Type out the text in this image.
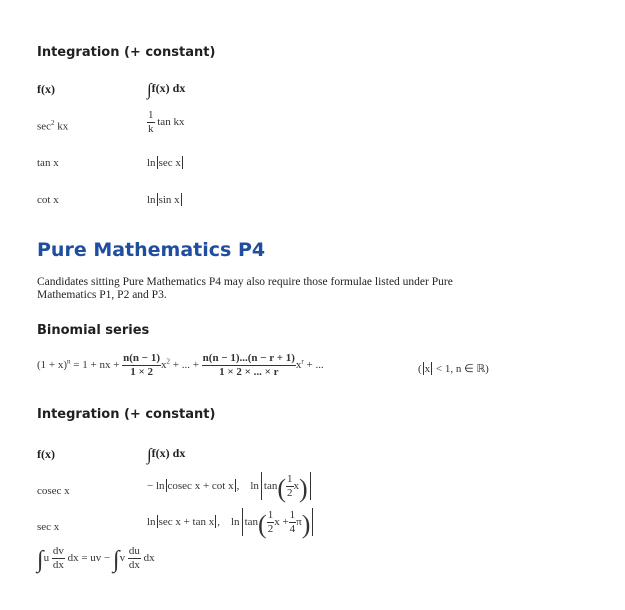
Integration (+ constant)
f(x)	∫f(x) dx
$\sec^2$ kx	$\frac{1}{k}$ tan kx
tan x	ln sec x
cot x	ln sin x
Pure Mathematics P4
Candidates sitting Pure Mathematics P4 may also require those formulae listed under Pure Mathematics P1, P2 and P3.
Binomial series
$(1 + x)^n = 1$ + nx + $\frac{n(n - 1)}{1 \times 2} x^2$ + ... + $\frac{n(n - 1)...(n - r + 1)}{1 \times 2 \times ... \times r} x^r$ + ...	( x < 1, n ∈ ℝ)
Integration (+ constant)
f(x)	∫f(x) dx
cosec x	− ln cosec x + cot x , $\ln \tan( \frac{1}{2} x)$
sec x	ln sec x + tan x , $\ln \tan( \frac{1}{2}$ $x + \frac{1}{4} \pi$)
$\int u \frac{dv}{dx}$ dx = uv − $\int v \frac{du}{dx}$ dx
